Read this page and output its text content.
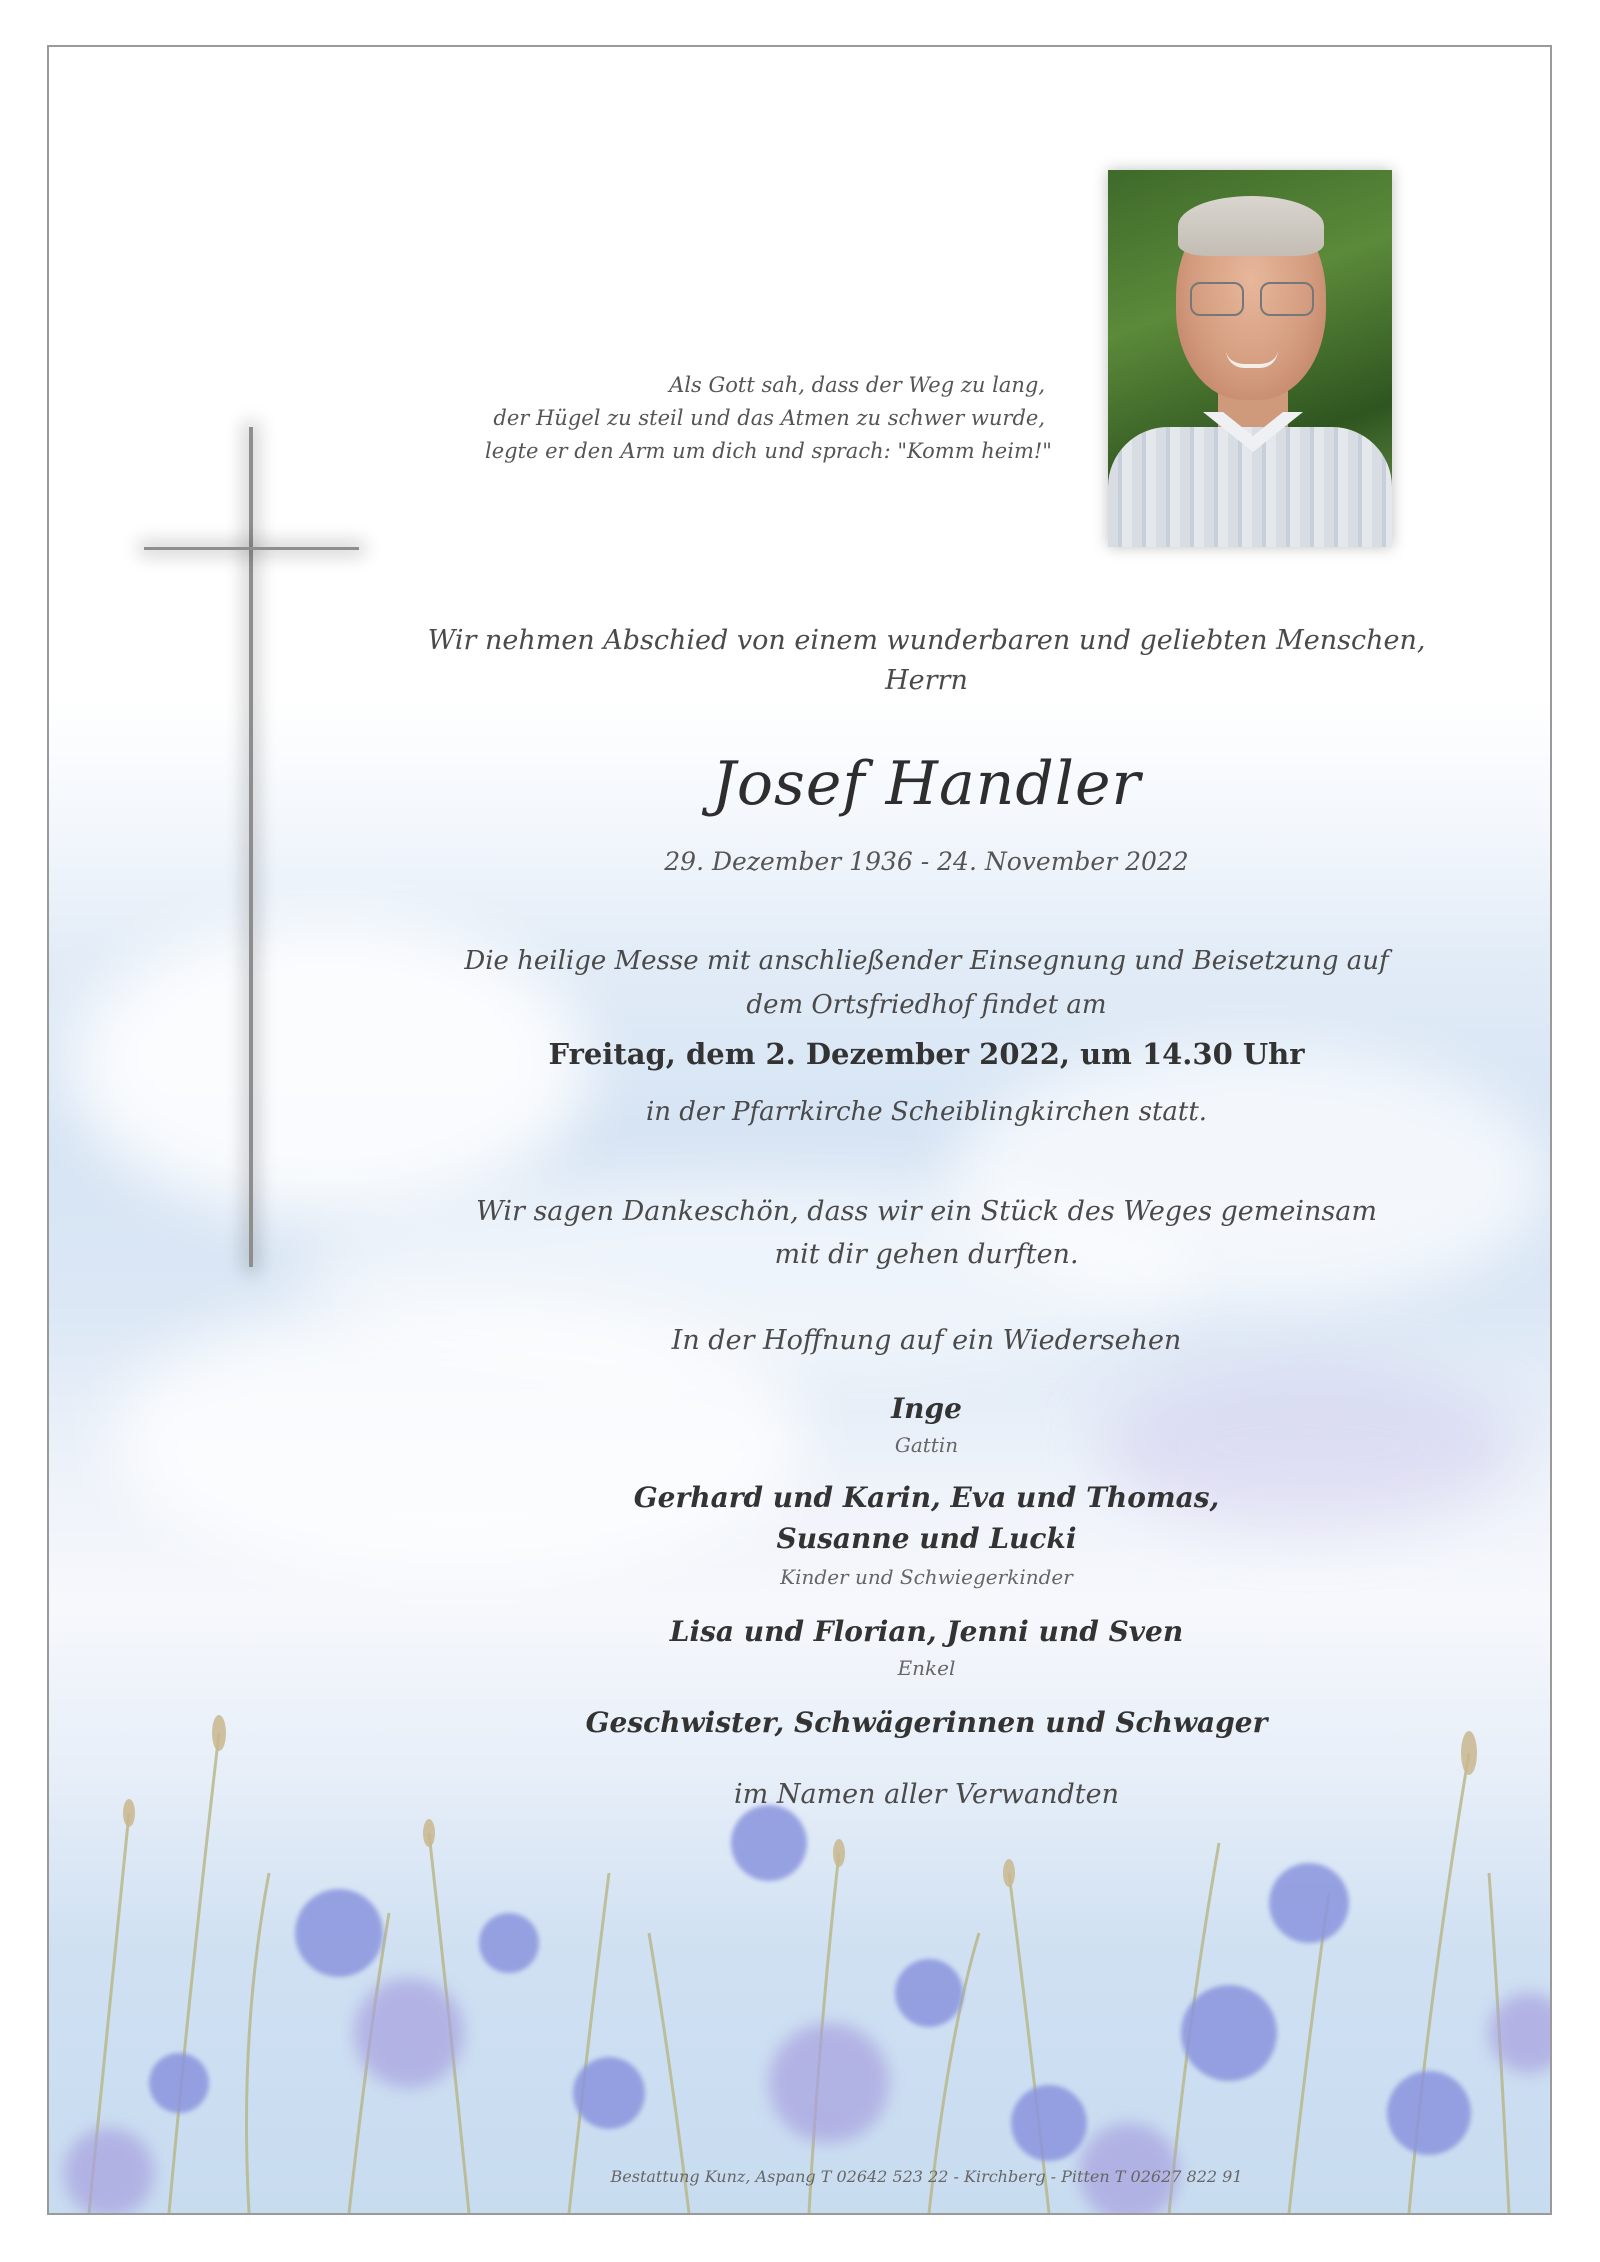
Als Gott sah, dass der Weg zu lang,
der Hügel zu steil und das Atmen zu schwer wurde,
legte er den Arm um dich und sprach: "Komm heim!"
Wir nehmen Abschied von einem wunderbaren und geliebten Menschen,
Herrn
Josef Handler
29. Dezember 1936 - 24. November 2022
Die heilige Messe mit anschließender Einsegnung und Beisetzung auf
dem Ortsfriedhof findet am
Freitag, dem 2. Dezember 2022, um 14.30 Uhr
in der Pfarrkirche Scheiblingkirchen statt.
Wir sagen Dankeschön, dass wir ein Stück des Weges gemeinsam
mit dir gehen durften.
In der Hoffnung auf ein Wiedersehen
Inge
Gattin
Gerhard und Karin, Eva und Thomas,
Susanne und Lucki
Kinder und Schwiegerkinder
Lisa und Florian, Jenni und Sven
Enkel
Geschwister, Schwägerinnen und Schwager
im Namen aller Verwandten
Bestattung Kunz, Aspang T 02642 523 22 - Kirchberg - Pitten T 02627 822 91
